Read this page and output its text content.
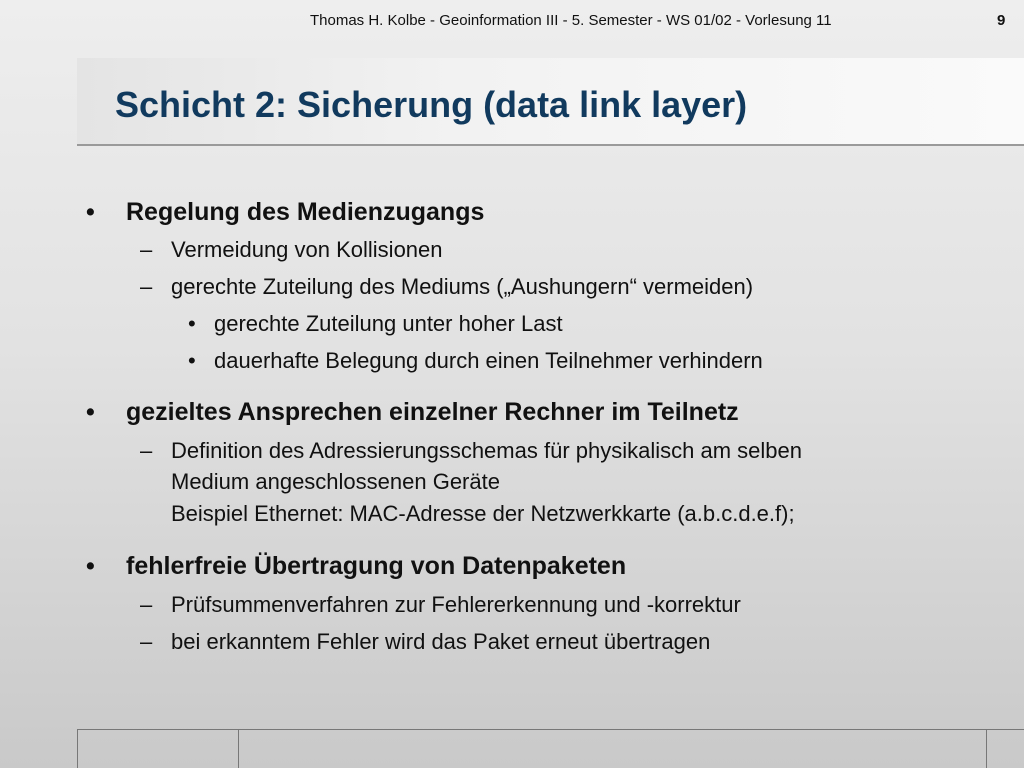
Schicht 2: Sicherung (data link layer)
• Regelung des Medienzugangs
– Vermeidung von Kollisionen
– gerechte Zuteilung des Mediums („Aushungern“ vermeiden)
• gerechte Zuteilung unter hoher Last
• dauerhafte Belegung durch einen Teilnehmer verhindern
• gezieltes Ansprechen einzelner Rechner im Teilnetz
– Definition des Adressierungsschemas für physikalisch am selben
Medium angeschlossenen Geräte
Beispiel Ethernet: MAC-Adresse der Netzwerkkarte (a.b.c.d.e.f);
• fehlerfreie Übertragung von Datenpaketen
– Prüfsummenverfahren zur Fehlererkennung und -korrektur
– bei erkanntem Fehler wird das Paket erneut übertragen
Thomas H. Kolbe - Geoinformation III - 5. Semester - WS 01/02 - Vorlesung 11	9
